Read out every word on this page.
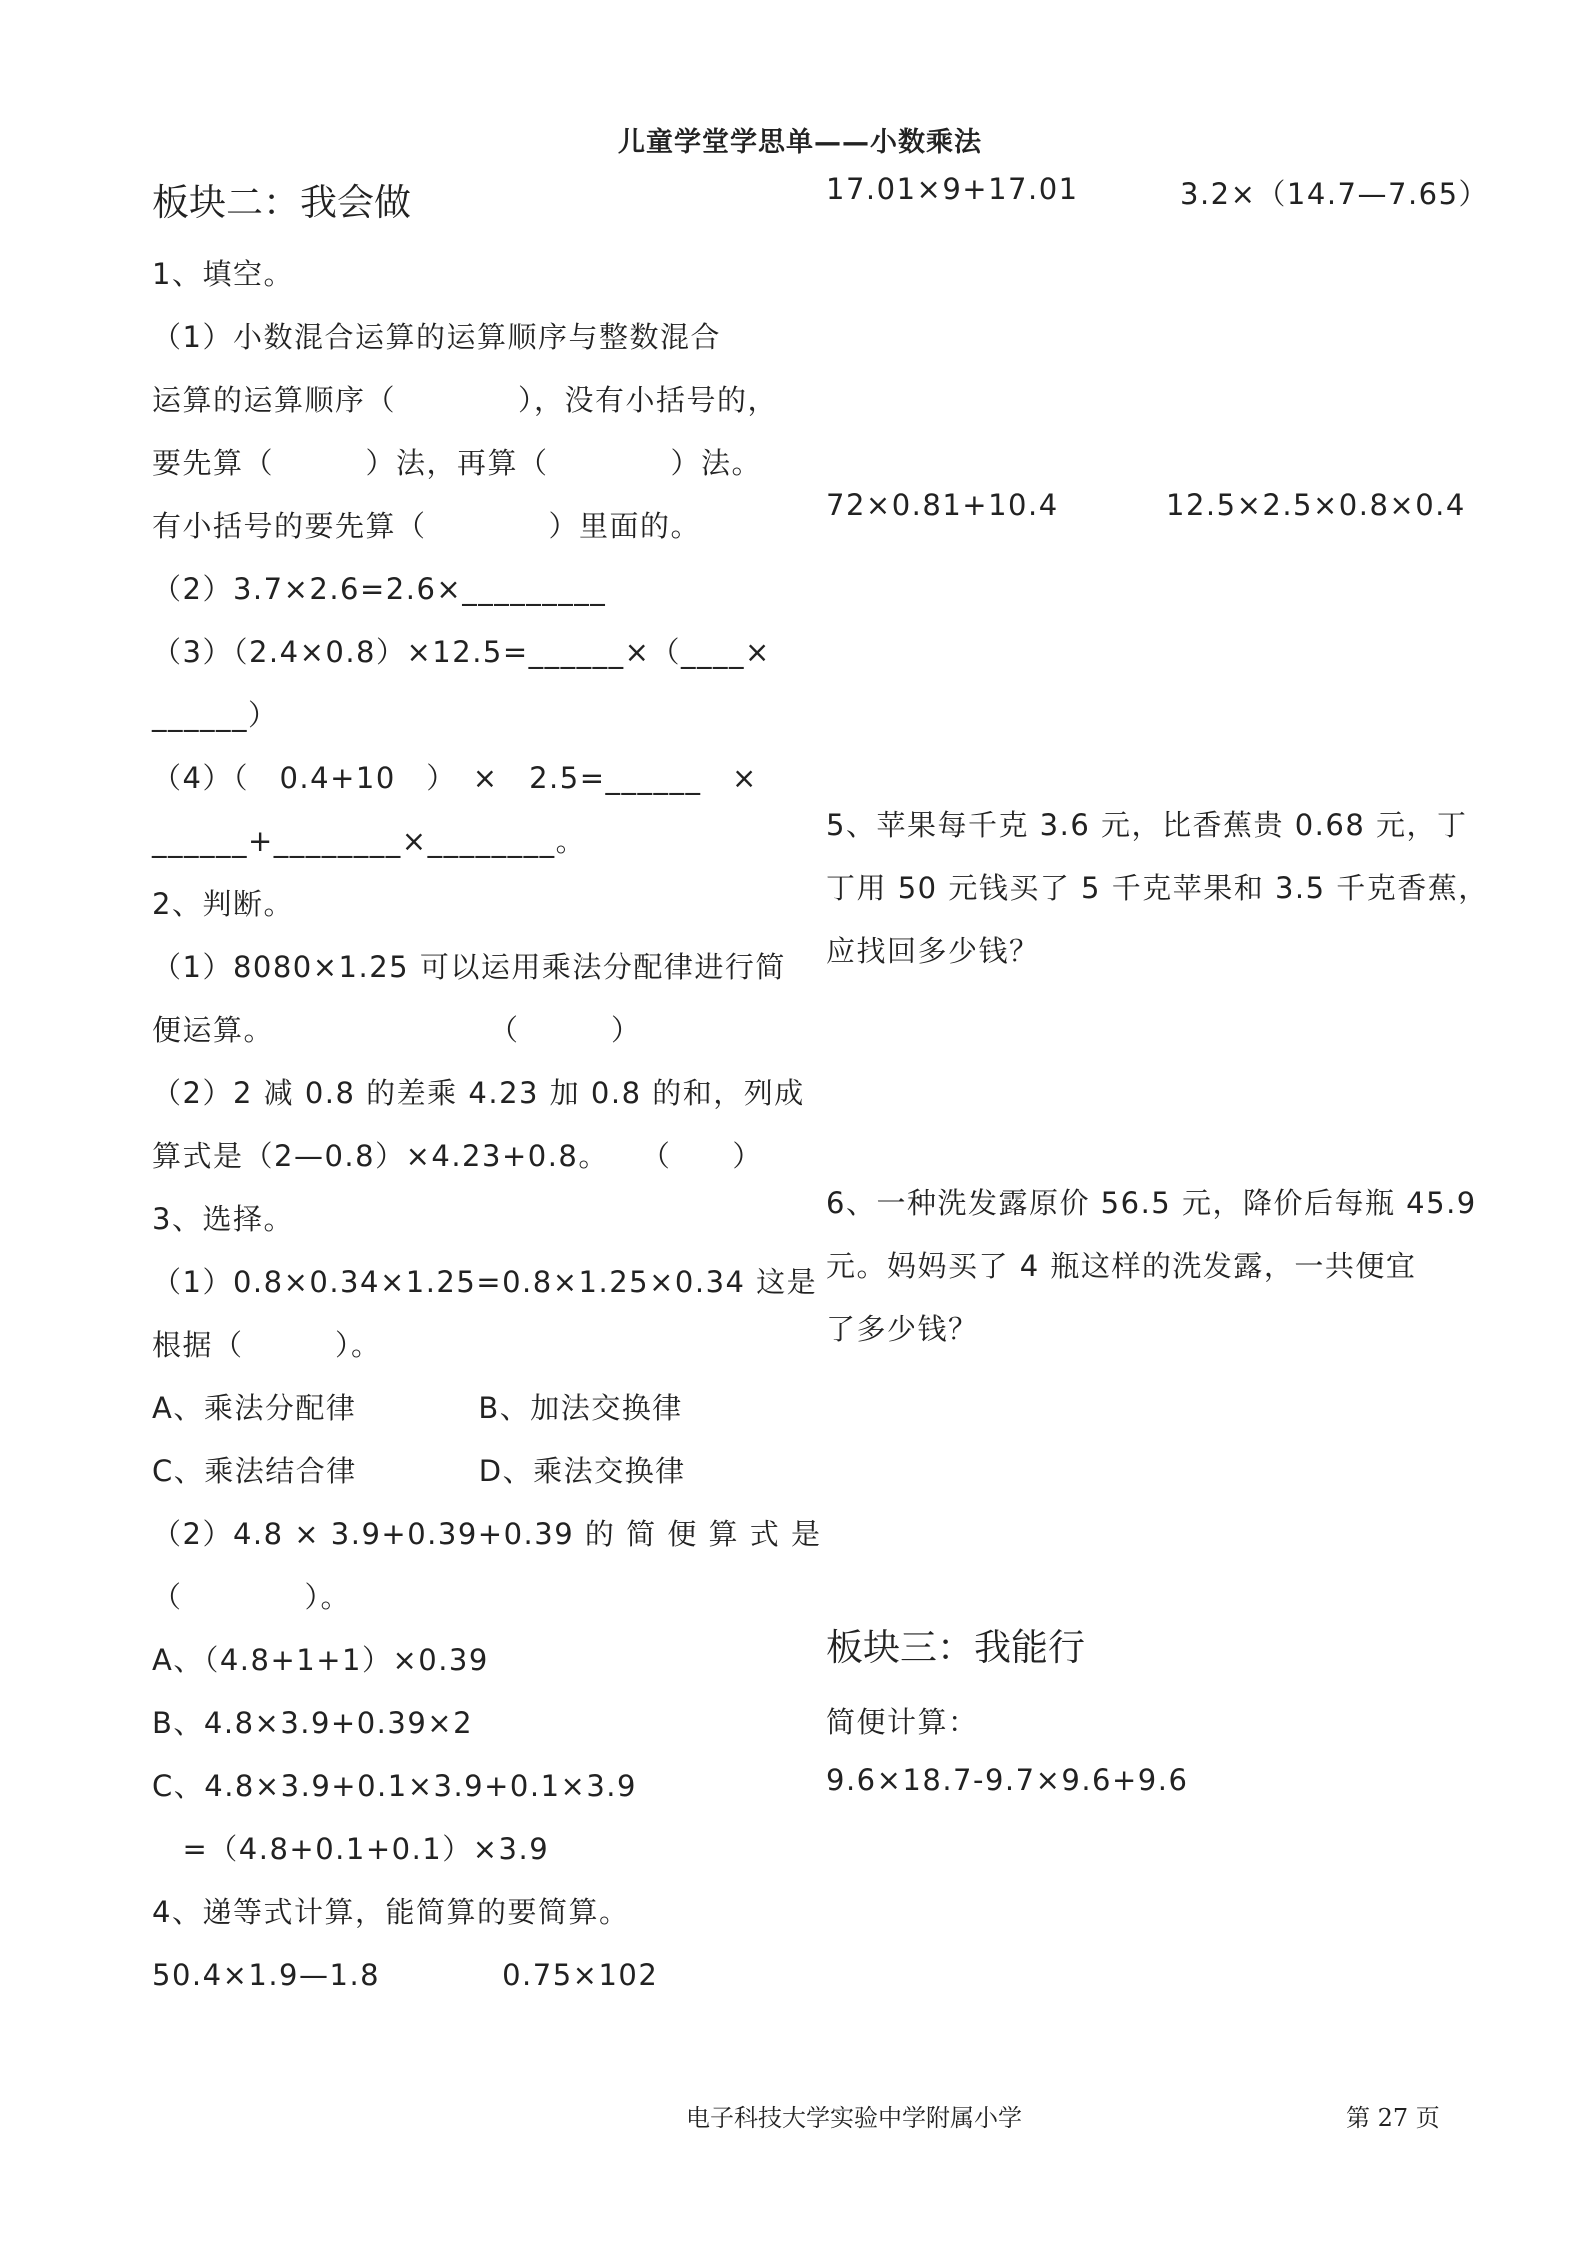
儿童学堂学思单——小数乘法
板块二：我会做
1、填空。
（1）小数混合运算的运算顺序与整数混合
运算的运算顺序（　　　　），没有小括号的，
要先算（　　　）法，再算（　　　　）法。
有小括号的要先算（　　　　）里面的。
（2）3.7×2.6=2.6×_________
（3）（2.4×0.8）×12.5=______×（____×
______）
（4）（　0.4+10　）　×　2.5=______　×
______+________×________。
2、判断。
（1）8080×1.25 可以运用乘法分配律进行简
便运算。　　　　　　　　（　　　）
（2）2 减 0.8 的差乘 4.23 加 0.8 的和，列成
算式是（2—0.8）×4.23+0.8。　　（　　）
3、选择。
（1）0.8×0.34×1.25=0.8×1.25×0.34 这是
根据（　　　）。
A、乘法分配律　　　　B、加法交换律
C、乘法结合律　　　　D、乘法交换律
（2）4.8 × 3.9+0.39+0.39 的 简 便 算 式 是
（　　　　）。
A、（4.8+1+1）×0.39
B、4.8×3.9+0.39×2
C、4.8×3.9+0.1×3.9+0.1×3.9
　=（4.8+0.1+0.1）×3.9
4、递等式计算，能简算的要简算。
50.4×1.9—1.8　　　　0.75×102
17.01×9+17.01	3.2×（14.7—7.65）
72×0.81+10.4	12.5×2.5×0.8×0.4
5、苹果每千克 3.6 元，比香蕉贵 0.68 元，丁
丁用 50 元钱买了 5 千克苹果和 3.5 千克香蕉，
应找回多少钱？
6、一种洗发露原价 56.5 元，降价后每瓶 45.9
元。妈妈买了 4 瓶这样的洗发露，一共便宜
了多少钱？
板块三：我能行
简便计算：
9.6×18.7-9.7×9.6+9.6
电子科技大学实验中学附属小学	第 27 页
